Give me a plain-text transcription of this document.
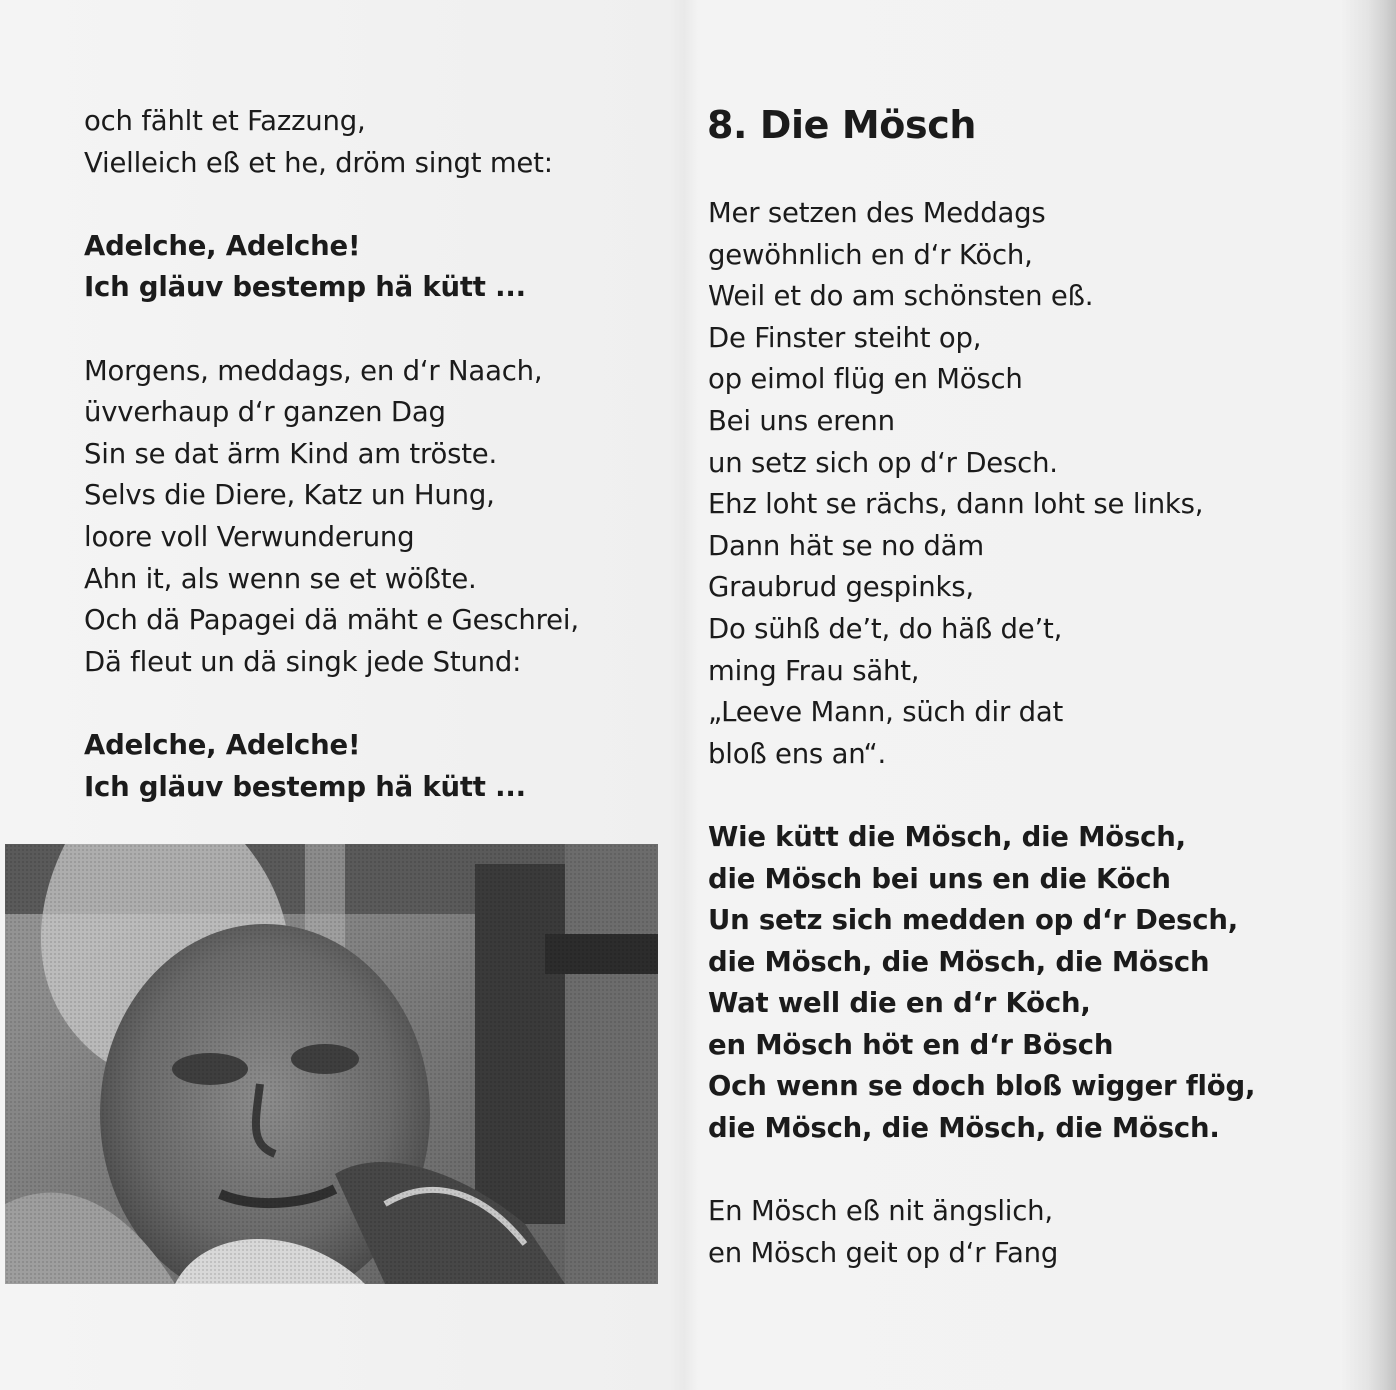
och fählt et Fazzung,
Vielleich eß et he, dröm singt met:
Adelche, Adelche!
Ich gläuv bestemp hä kütt ...
Morgens, meddags, en d‘r Naach,
üvverhaup d‘r ganzen Dag
Sin se dat ärm Kind am tröste.
Selvs die Diere, Katz un Hung,
loore voll Verwunderung
Ahn it, als wenn se et wößte.
Och dä Papagei dä mäht e Geschrei,
Dä fleut un dä singk jede Stund:
Adelche, Adelche!
Ich gläuv bestemp hä kütt ...
8. Die Mösch
Mer setzen des Meddags
gewöhnlich en d‘r Köch,
Weil et do am schönsten eß.
De Finster steiht op,
op eimol flüg en Mösch
Bei uns erenn
un setz sich op d‘r Desch.
Ehz loht se rächs, dann loht se links,
Dann hät se no däm
Graubrud gespinks,
Do sühß de’t, do häß de’t,
ming Frau säht,
„Leeve Mann, süch dir dat
bloß ens an“.
Wie kütt die Mösch, die Mösch,
die Mösch bei uns en die Köch
Un setz sich medden op d‘r Desch,
die Mösch, die Mösch, die Mösch
Wat well die en d‘r Köch,
en Mösch höt en d‘r Bösch
Och wenn se doch bloß wigger flög,
die Mösch, die Mösch, die Mösch.
En Mösch eß nit ängslich,
en Mösch geit op d‘r Fang
